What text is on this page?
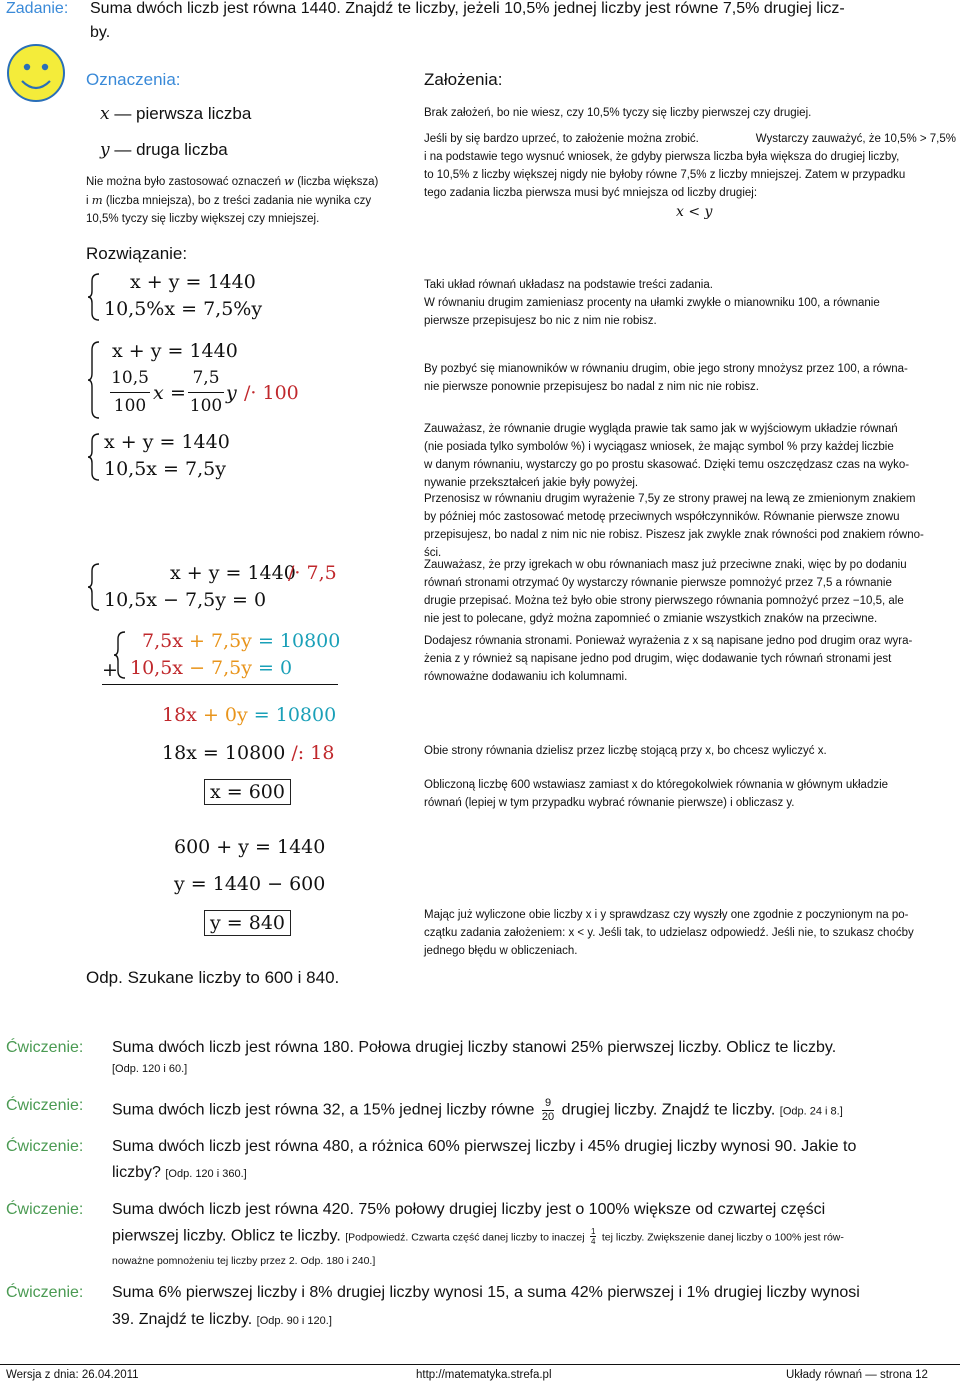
Zadanie: Suma dwóch liczb jest równa 1440. Znajdź te liczby, jeżeli 10,5% jednej liczby jest równe 7,5% drugiej licz-
by.
Oznaczenia:
x — pierwsza liczba
y — druga liczba
Nie można było zastosować oznaczeń w (liczba większa)
i m (liczba mniejsza), bo z treści zadania nie wynika czy
10,5% tyczy się liczby większej czy mniejszej.
Założenia:
Brak założeń, bo nie wiesz, czy 10,5% tyczy się liczby pierwszej czy drugiej.
Jeśli by się bardzo uprzeć, to założenie można zrobić.	Wystarczy zauważyć, że 10,5% > 7,5%
i na podstawie tego wysnuć wniosek, że gdyby pierwsza liczba była większa do drugiej liczby,
to 10,5% z liczby większej nigdy nie byłoby równe 7,5% z liczby mniejszej. Zatem w przypadku
tego zadania liczba pierwsza musi być mniejsza od liczby drugiej:
x < y
Rozwiązanie:
x + y = 1440
10,5%x = 7,5%y
x + y = 1440
10,5
100
x =
7,5
100
y /· 100
x + y = 1440
10,5x = 7,5y
x + y = 1440
/· 7,5
10,5x − 7,5y = 0
7,5x + 7,5y = 10800
10,5x − 7,5y = 0
+
18x + 0y = 10800
18x = 10800 /: 18
x = 600
600 + y = 1440
y = 1440 − 600
y = 840
Odp. Szukane liczby to 600 i 840.
Taki układ równań układasz na podstawie treści zadania.
W równaniu drugim zamieniasz procenty na ułamki zwykłe o mianowniku 100, a równanie
pierwsze przepisujesz bo nic z nim nie robisz.
By pozbyć się mianowników w równaniu drugim, obie jego strony mnożysz przez 100, a równa-
nie pierwsze ponownie przepisujesz bo nadal z nim nic nie robisz.
Zauważasz, że równanie drugie wygląda prawie tak samo jak w wyjściowym układzie równań
(nie posiada tylko symbolów %) i wyciągasz wniosek, że mając symbol % przy każdej liczbie
w danym równaniu, wystarczy go po prostu skasować. Dzięki temu oszczędzasz czas na wyko-
nywanie przekształceń jakie były powyżej.
Przenosisz w równaniu drugim wyrażenie 7,5y ze strony prawej na lewą ze zmienionym znakiem
by później móc zastosować metodę przeciwnych współczynników. Równanie pierwsze znowu
przepisujesz, bo nadal z nim nic nie robisz. Piszesz jak zwykle znak równości pod znakiem równo-
ści.
Zauważasz, że przy igrekach w obu równaniach masz już przeciwne znaki, więc by po dodaniu
równań stronami otrzymać 0y wystarczy równanie pierwsze pomnożyć przez 7,5 a równanie
drugie przepisać. Można też było obie strony pierwszego równania pomnożyć przez −10,5, ale
nie jest to polecane, gdyż można zapomnieć o zmianie wszystkich znaków na przeciwne.
Dodajesz równania stronami. Ponieważ wyrażenia z x są napisane jedno pod drugim oraz wyra-
żenia z y również są napisane jedno pod drugim, więc dodawanie tych równań stronami jest
równoważne dodawaniu ich kolumnami.
Obie strony równania dzielisz przez liczbę stojącą przy x, bo chcesz wyliczyć x.
Obliczoną liczbę 600 wstawiasz zamiast x do któregokolwiek równania w głównym układzie
równań (lepiej w tym przypadku wybrać równanie pierwsze) i obliczasz y.
Mając już wyliczone obie liczby x i y sprawdzasz czy wyszły one zgodnie z poczynionym na po-
czątku zadania założeniem: x < y. Jeśli tak, to udzielasz odpowiedź. Jeśli nie, to szukasz choćby
jednego błędu w obliczeniach.
Ćwiczenie: Suma dwóch liczb jest równa 180. Połowa drugiej liczby stanowi 25% pierwszej liczby. Oblicz te liczby.
[Odp. 120 i 60.]
Ćwiczenie: Suma dwóch liczb jest równa 32, a 15% jednej liczby równe $\frac{9}{20}$ drugiej liczby. Znajdź te liczby. [Odp. 24 i 8.]
Ćwiczenie: Suma dwóch liczb jest równa 480, a różnica 60% pierwszej liczby i 45% drugiej liczby wynosi 90. Jakie to
liczby? [Odp. 120 i 360.]
Ćwiczenie: Suma dwóch liczb jest równa 420. 75% połowy drugiej liczby jest o 100% większe od czwartej części
pierwszej liczby. Oblicz te liczby. [Podpowiedź. Czwarta część danej liczby to inaczej $\frac{1}{4}$ tej liczby. Zwiększenie danej liczby o 100% jest rów-
noważne pomnożeniu tej liczby przez 2. Odp. 180 i 240.]
Ćwiczenie: Suma 6% pierwszej liczby i 8% drugiej liczby wynosi 15, a suma 42% pierwszej i 1% drugiej liczby wynosi
39. Znajdź te liczby. [Odp. 90 i 120.]
Wersja z dnia: 26.04.2011	http://matematyka.strefa.pl	Układy równań — strona 12
